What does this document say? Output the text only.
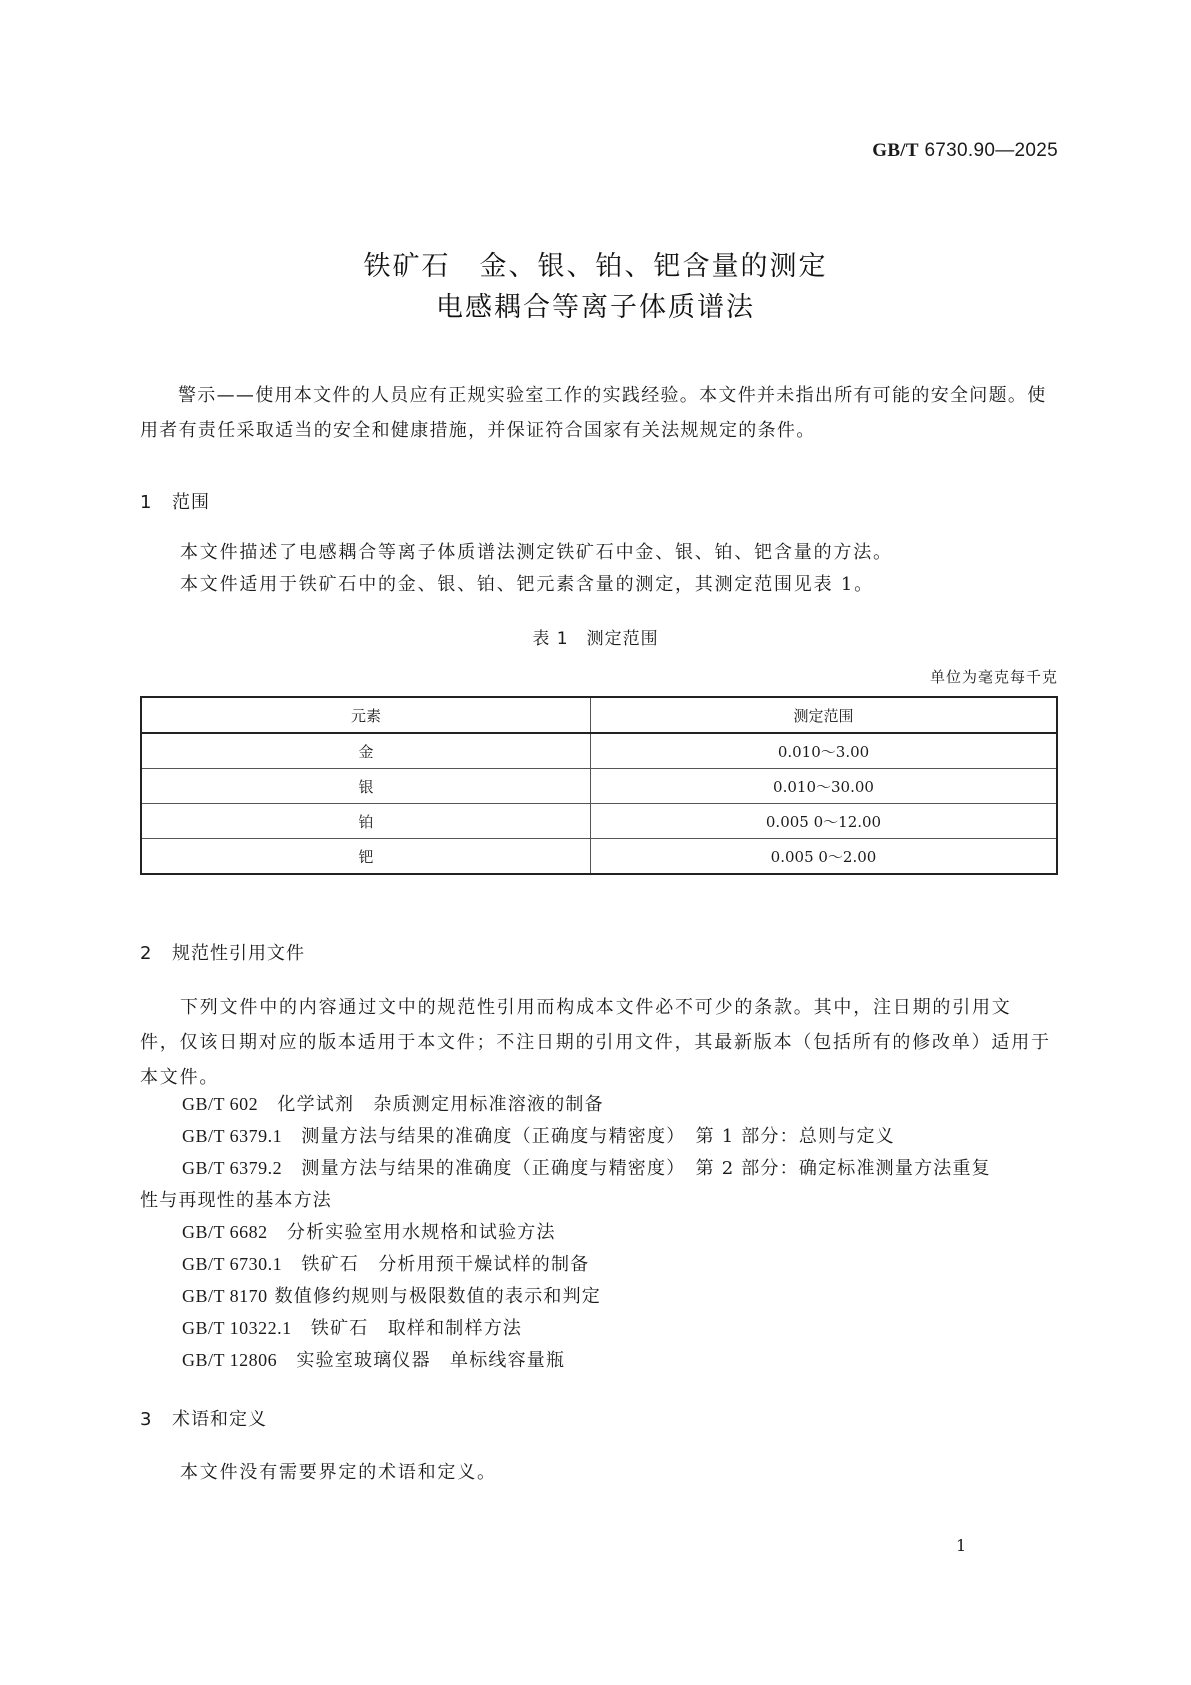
GB/T 6730.90—2025
铁矿石　金、银、铂、钯含量的测定
电感耦合等离子体质谱法
警示——使用本文件的人员应有正规实验室工作的实践经验。本文件并未指出所有可能的安全问题。使用者有责任采取适当的安全和健康措施，并保证符合国家有关法规规定的条件。
1 范围
本文件描述了电感耦合等离子体质谱法测定铁矿石中金、银、铂、钯含量的方法。
本文件适用于铁矿石中的金、银、铂、钯元素含量的测定，其测定范围见表 1。
表 1　测定范围
单位为毫克每千克
元素	测定范围
金	0.010～3.00
银	0.010～30.00
铂	0.005 0～12.00
钯	0.005 0～2.00
2 规范性引用文件
下列文件中的内容通过文中的规范性引用而构成本文件必不可少的条款。其中，注日期的引用文
件，仅该日期对应的版本适用于本文件；不注日期的引用文件，其最新版本（包括所有的修改单）适用于
本文件。
GB/T 602　 化学试剂　杂质测定用标准溶液的制备
GB/T 6379.1　 测量方法与结果的准确度（正确度与精密度）　第 1 部分：总则与定义
GB/T 6379.2　 测量方法与结果的准确度（正确度与精密度）　第 2 部分：确定标准测量方法重复
性与再现性的基本方法
GB/T 6682　 分析实验室用水规格和试验方法
GB/T 6730.1　 铁矿石　分析用预干燥试样的制备
GB/T 8170 数值修约规则与极限数值的表示和判定
GB/T 10322.1　 铁矿石　取样和制样方法
GB/T 12806　 实验室玻璃仪器　单标线容量瓶
3 术语和定义
本文件没有需要界定的术语和定义。
1
